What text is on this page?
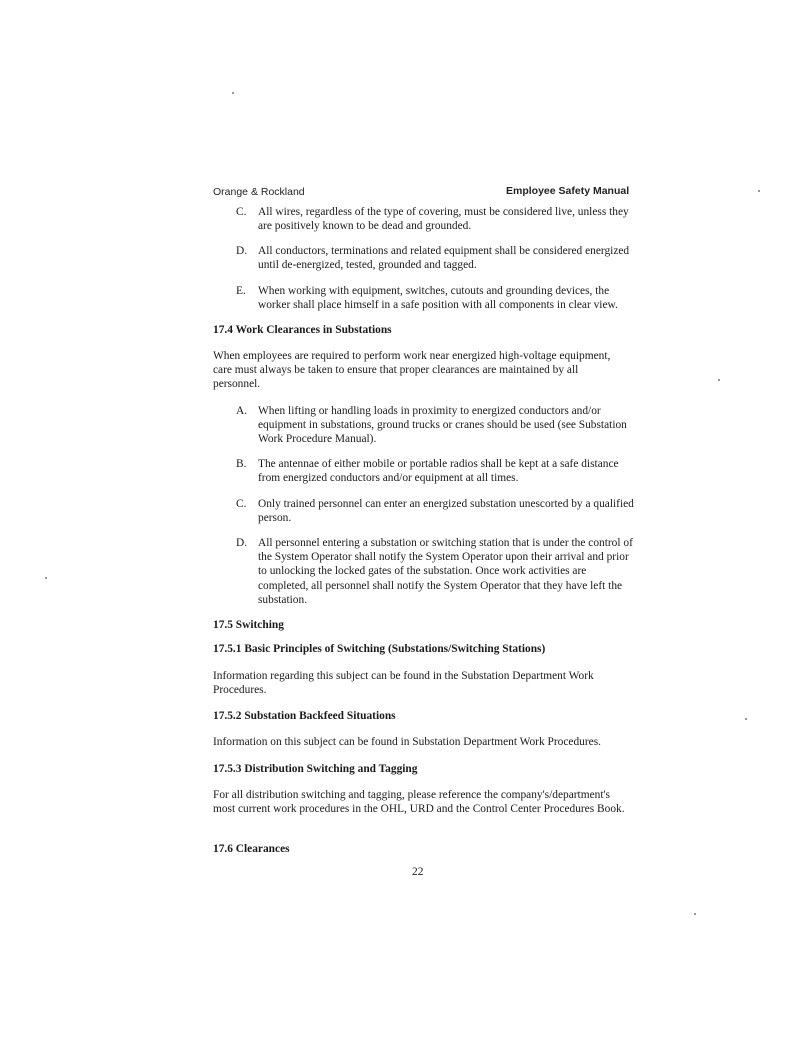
Orange & Rockland	Employee Safety Manual
C. All wires, regardless of the type of covering, must be considered live, unless they are positively known to be dead and grounded.
D. All conductors, terminations and related equipment shall be considered energized until de-energized, tested, grounded and tagged.
E. When working with equipment, switches, cutouts and grounding devices, the worker shall place himself in a safe position with all components in clear view.
17.4 Work Clearances in Substations
When employees are required to perform work near energized high-voltage equipment, care must always be taken to ensure that proper clearances are maintained by all personnel.
A. When lifting or handling loads in proximity to energized conductors and/or equipment in substations, ground trucks or cranes should be used (see Substation Work Procedure Manual).
B. The antennae of either mobile or portable radios shall be kept at a safe distance from energized conductors and/or equipment at all times.
C. Only trained personnel can enter an energized substation unescorted by a qualified person.
D. All personnel entering a substation or switching station that is under the control of the System Operator shall notify the System Operator upon their arrival and prior to unlocking the locked gates of the substation. Once work activities are completed, all personnel shall notify the System Operator that they have left the substation.
17.5 Switching
17.5.1 Basic Principles of Switching (Substations/Switching Stations)
Information regarding this subject can be found in the Substation Department Work Procedures.
17.5.2 Substation Backfeed Situations
Information on this subject can be found in Substation Department Work Procedures.
17.5.3 Distribution Switching and Tagging
For all distribution switching and tagging, please reference the company's/department's most current work procedures in the OHL, URD and the Control Center Procedures Book.
17.6 Clearances
22
